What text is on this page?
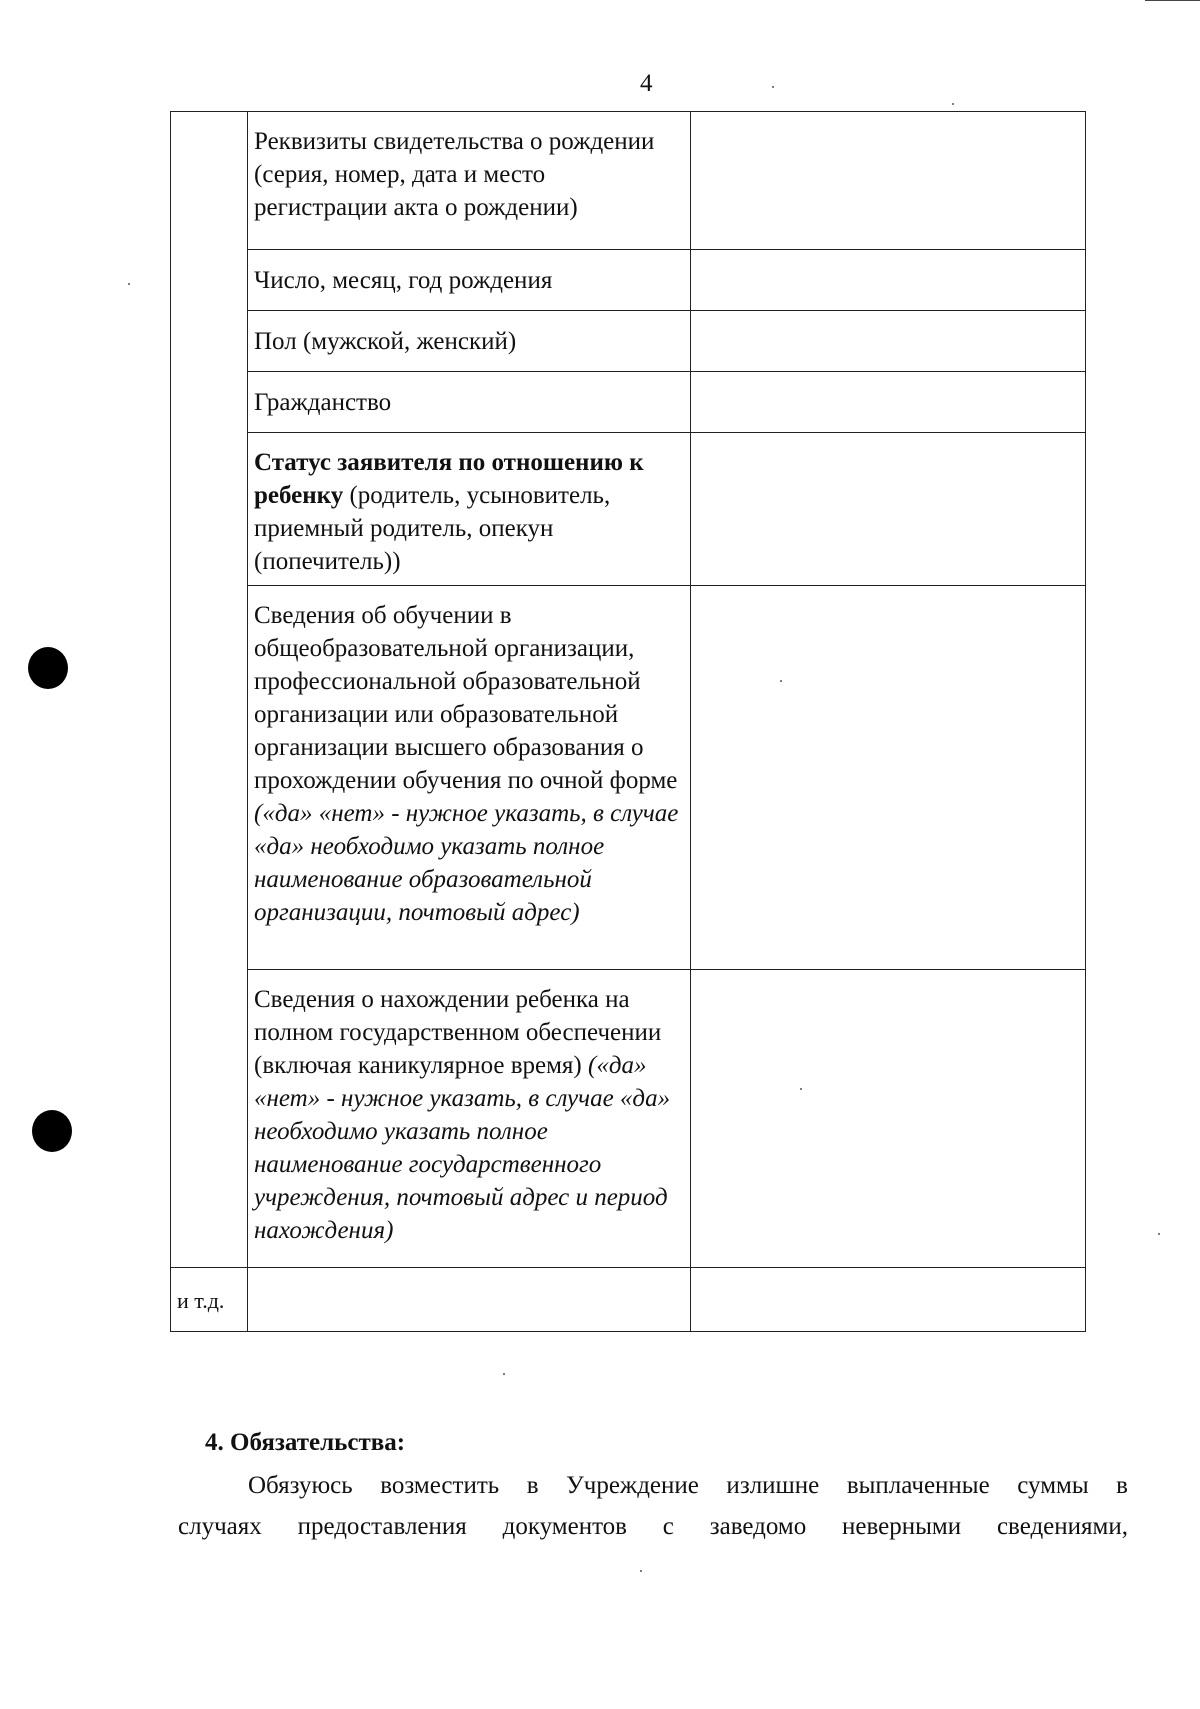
4
	Реквизиты свидетельства о рождении (серия, номер, дата и место регистрации акта о рождении)	
	Число, месяц, год рождения	
	Пол (мужской, женский)	
	Гражданство	
	Статус заявителя по отношению к ребенку (родитель, усыновитель, приемный родитель, опекун (попечитель))	
	Сведения об обучении в общеобразовательной организации, профессиональной образовательной организации или образовательной организации высшего образования о прохождении обучения по очной форме («да» «нет» - нужное указать, в случае «да» необходимо указать полное наименование образовательной организации, почтовый адрес)	
	Сведения о нахождении ребенка на полном государственном обеспечении (включая каникулярное время) («да» «нет» - нужное указать, в случае «да» необходимо указать полное наименование государственного учреждения, почтовый адрес и период нахождения)	
и т.д.		
4. Обязательства:
Обязуюсь возместить в Учреждение излишне выплаченные суммы в
случаях предоставления документов с заведомо неверными сведениями,
